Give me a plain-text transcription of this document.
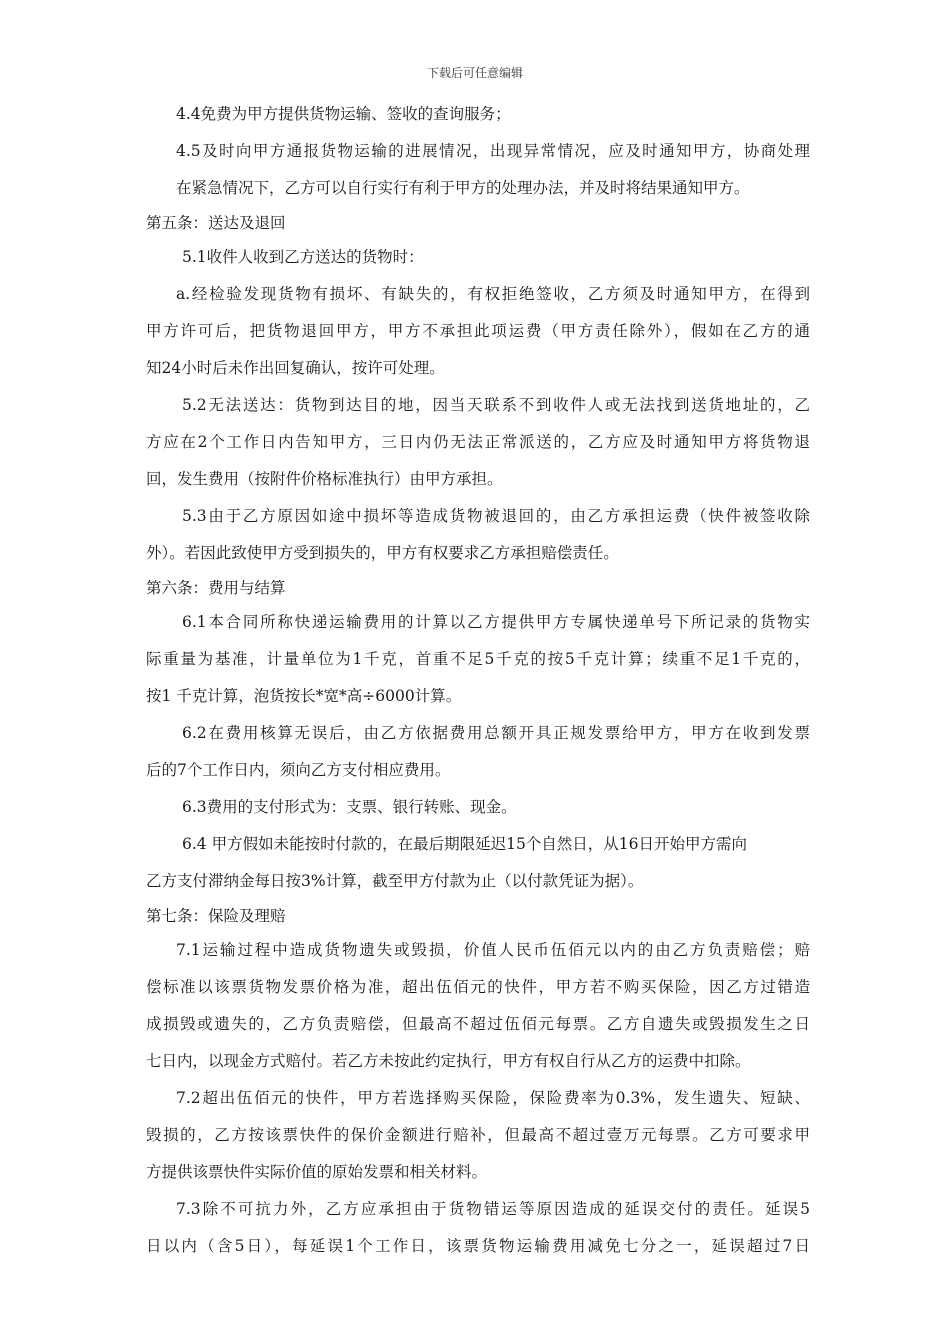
下载后可任意编辑
4.4免费为甲方提供货物运输、签收的查询服务；
4.5及时向甲方通报货物运输的进展情况，出现异常情况，应及时通知甲方，协商处理
在紧急情况下，乙方可以自行实行有利于甲方的处理办法，并及时将结果通知甲方。
第五条：送达及退回
5.1收件人收到乙方送达的货物时：
a.经检验发现货物有损坏、有缺失的，有权拒绝签收，乙方须及时通知甲方，在得到
甲方许可后，把货物退回甲方，甲方不承担此项运费（甲方责任除外），假如在乙方的通
知24小时后未作出回复确认，按许可处理。
5.2无法送达：货物到达目的地，因当天联系不到收件人或无法找到送货地址的，乙
方应在2个工作日内告知甲方，三日内仍无法正常派送的，乙方应及时通知甲方将货物退
回，发生费用（按附件价格标准执行）由甲方承担。
5.3由于乙方原因如途中损坏等造成货物被退回的，由乙方承担运费（快件被签收除
外）。若因此致使甲方受到损失的，甲方有权要求乙方承担赔偿责任。
第六条：费用与结算
6.1本合同所称快递运输费用的计算以乙方提供甲方专属快递单号下所记录的货物实
际重量为基准，计量单位为1千克，首重不足5千克的按5千克计算；续重不足1千克的，
按1 千克计算，泡货按长*宽*高÷6000计算。
6.2在费用核算无误后，由乙方依据费用总额开具正规发票给甲方，甲方在收到发票
后的7个工作日内，须向乙方支付相应费用。
6.3费用的支付形式为：支票、银行转账、现金。
6.4 甲方假如未能按时付款的，在最后期限延迟15个自然日，从16日开始甲方需向
乙方支付滞纳金每日按3%计算，截至甲方付款为止（以付款凭证为据）。
第七条：保险及理赔
7.1运输过程中造成货物遗失或毁损，价值人民币伍佰元以内的由乙方负责赔偿；赔
偿标准以该票货物发票价格为准，超出伍佰元的快件，甲方若不购买保险，因乙方过错造
成损毁或遗失的，乙方负责赔偿，但最高不超过伍佰元每票。乙方自遗失或毁损发生之日
七日内，以现金方式赔付。若乙方未按此约定执行，甲方有权自行从乙方的运费中扣除。
7.2超出伍佰元的快件，甲方若选择购买保险，保险费率为0.3%，发生遗失、短缺、
毁损的，乙方按该票快件的保价金额进行赔补，但最高不超过壹万元每票。乙方可要求甲
方提供该票快件实际价值的原始发票和相关材料。
7.3除不可抗力外，乙方应承担由于货物错运等原因造成的延误交付的责任。延误5
日以内（含5日），每延误1个工作日，该票货物运输费用减免七分之一，延误超过7日
